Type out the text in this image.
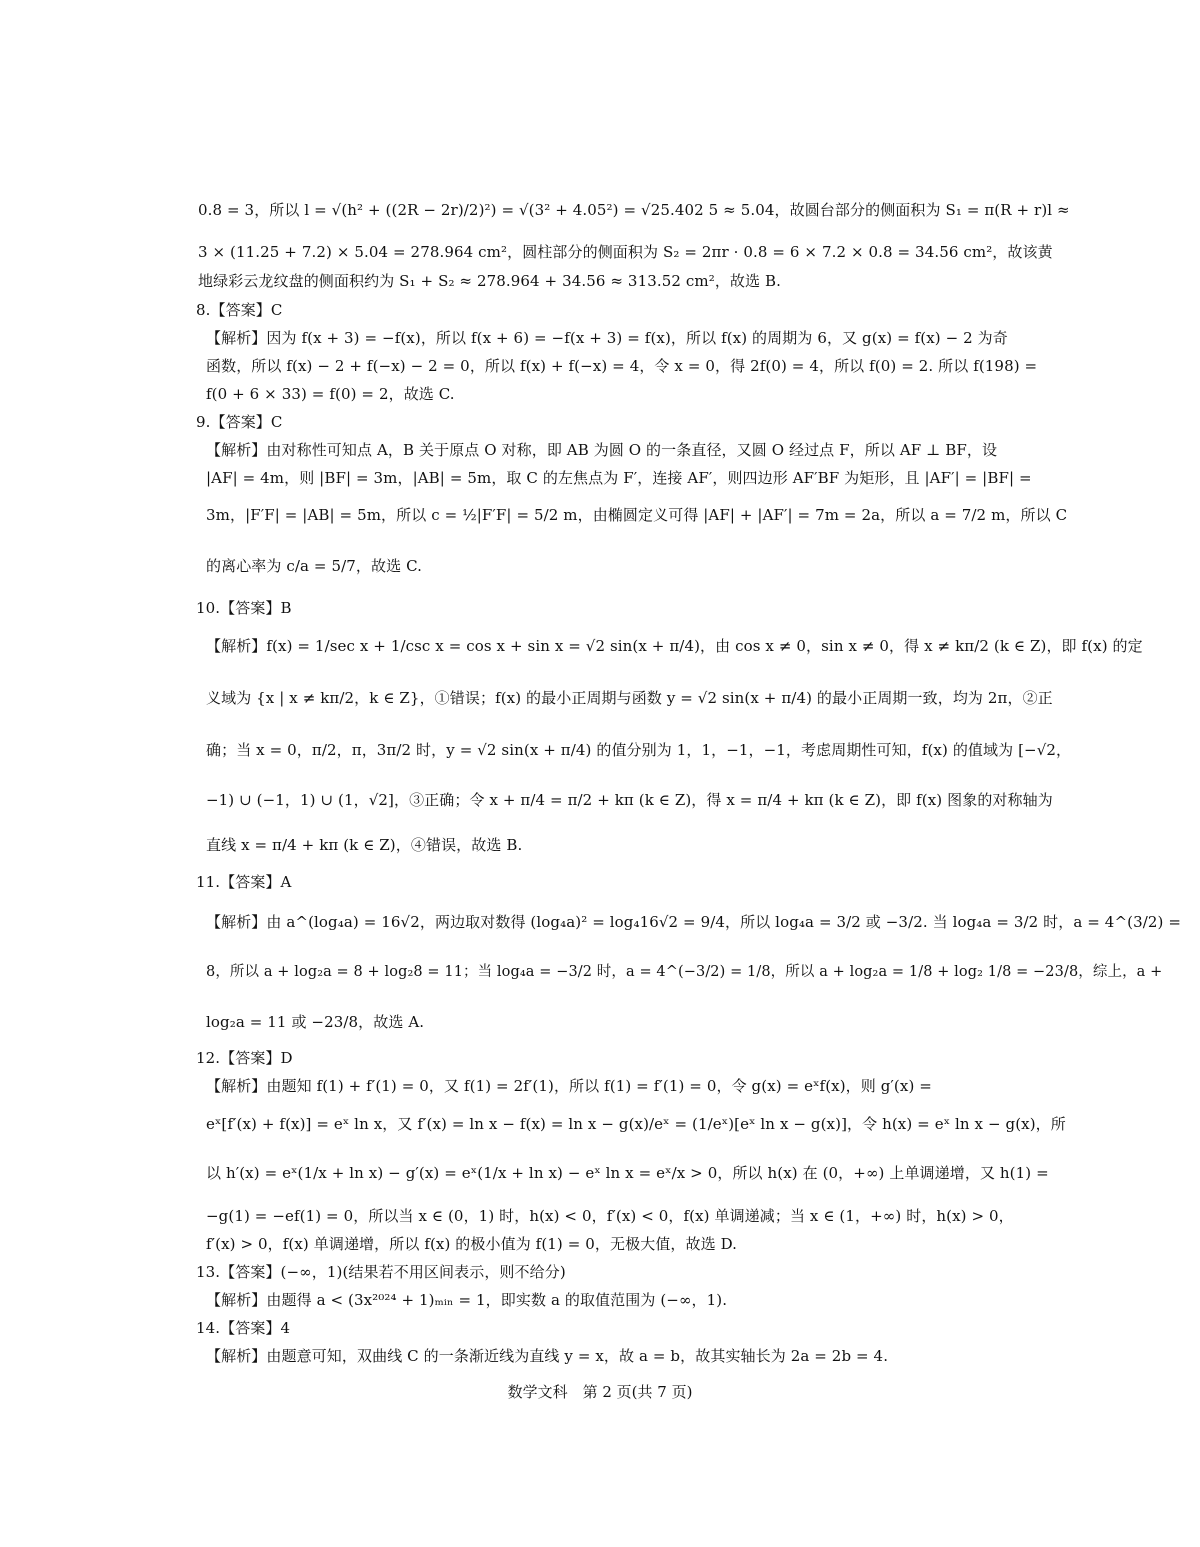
0.8 = 3，所以 l = √(h² + ((2R − 2r)/2)²) = √(3² + 4.05²) = √25.402 5 ≈ 5.04，故圆台部分的侧面积为 S₁ = π(R + r)l ≈
3 × (11.25 + 7.2) × 5.04 = 278.964 cm²，圆柱部分的侧面积为 S₂ = 2πr · 0.8 = 6 × 7.2 × 0.8 = 34.56 cm²，故该黄
地绿彩云龙纹盘的侧面积约为 S₁ + S₂ ≈ 278.964 + 34.56 ≈ 313.52 cm²，故选 B.
8.【答案】C
【解析】因为 f(x + 3) = −f(x)，所以 f(x + 6) = −f(x + 3) = f(x)，所以 f(x) 的周期为 6，又 g(x) = f(x) − 2 为奇
函数，所以 f(x) − 2 + f(−x) − 2 = 0，所以 f(x) + f(−x) = 4，令 x = 0，得 2f(0) = 4，所以 f(0) = 2. 所以 f(198) =
f(0 + 6 × 33) = f(0) = 2，故选 C.
9.【答案】C
【解析】由对称性可知点 A，B 关于原点 O 对称，即 AB 为圆 O 的一条直径，又圆 O 经过点 F，所以 AF ⊥ BF，设
|AF| = 4m，则 |BF| = 3m，|AB| = 5m，取 C 的左焦点为 F′，连接 AF′，则四边形 AF′BF 为矩形，且 |AF′| = |BF| =
3m，|F′F| = |AB| = 5m，所以 c = ½|F′F| = 5/2 m，由椭圆定义可得 |AF| + |AF′| = 7m = 2a，所以 a = 7/2 m，所以 C
的离心率为 c/a = 5/7，故选 C.
10.【答案】B
【解析】f(x) = 1/sec x + 1/csc x = cos x + sin x = √2 sin(x + π/4)，由 cos x ≠ 0，sin x ≠ 0，得 x ≠ kπ/2 (k ∈ Z)，即 f(x) 的定
义域为 {x | x ≠ kπ/2，k ∈ Z}，①错误；f(x) 的最小正周期与函数 y = √2 sin(x + π/4) 的最小正周期一致，均为 2π，②正
确；当 x = 0，π/2，π，3π/2 时，y = √2 sin(x + π/4) 的值分别为 1，1，−1，−1，考虑周期性可知，f(x) 的值域为 [−√2，
−1) ∪ (−1，1) ∪ (1，√2]，③正确；令 x + π/4 = π/2 + kπ (k ∈ Z)，得 x = π/4 + kπ (k ∈ Z)，即 f(x) 图象的对称轴为
直线 x = π/4 + kπ (k ∈ Z)，④错误，故选 B.
11.【答案】A
【解析】由 a^(log₄a) = 16√2，两边取对数得 (log₄a)² = log₄16√2 = 9/4，所以 log₄a = 3/2 或 −3/2. 当 log₄a = 3/2 时，a = 4^(3/2) =
8，所以 a + log₂a = 8 + log₂8 = 11；当 log₄a = −3/2 时，a = 4^(−3/2) = 1/8，所以 a + log₂a = 1/8 + log₂ 1/8 = −23/8，综上，a +
log₂a = 11 或 −23/8，故选 A.
12.【答案】D
【解析】由题知 f(1) + f′(1) = 0，又 f(1) = 2f′(1)，所以 f(1) = f′(1) = 0，令 g(x) = eˣf(x)，则 g′(x) =
eˣ[f′(x) + f(x)] = eˣ ln x，又 f′(x) = ln x − f(x) = ln x − g(x)/eˣ = (1/eˣ)[eˣ ln x − g(x)]，令 h(x) = eˣ ln x − g(x)，所
以 h′(x) = eˣ(1/x + ln x) − g′(x) = eˣ(1/x + ln x) − eˣ ln x = eˣ/x > 0，所以 h(x) 在 (0，+∞) 上单调递增，又 h(1) =
−g(1) = −ef(1) = 0，所以当 x ∈ (0，1) 时，h(x) < 0，f′(x) < 0，f(x) 单调递减；当 x ∈ (1，+∞) 时，h(x) > 0，
f′(x) > 0，f(x) 单调递增，所以 f(x) 的极小值为 f(1) = 0，无极大值，故选 D.
13.【答案】(−∞，1)(结果若不用区间表示，则不给分)
【解析】由题得 a < (3x²⁰²⁴ + 1)ₘᵢₙ = 1，即实数 a 的取值范围为 (−∞，1).
14.【答案】4
【解析】由题意可知，双曲线 C 的一条渐近线为直线 y = x，故 a = b，故其实轴长为 2a = 2b = 4.
数学文科　第 2 页(共 7 页)
